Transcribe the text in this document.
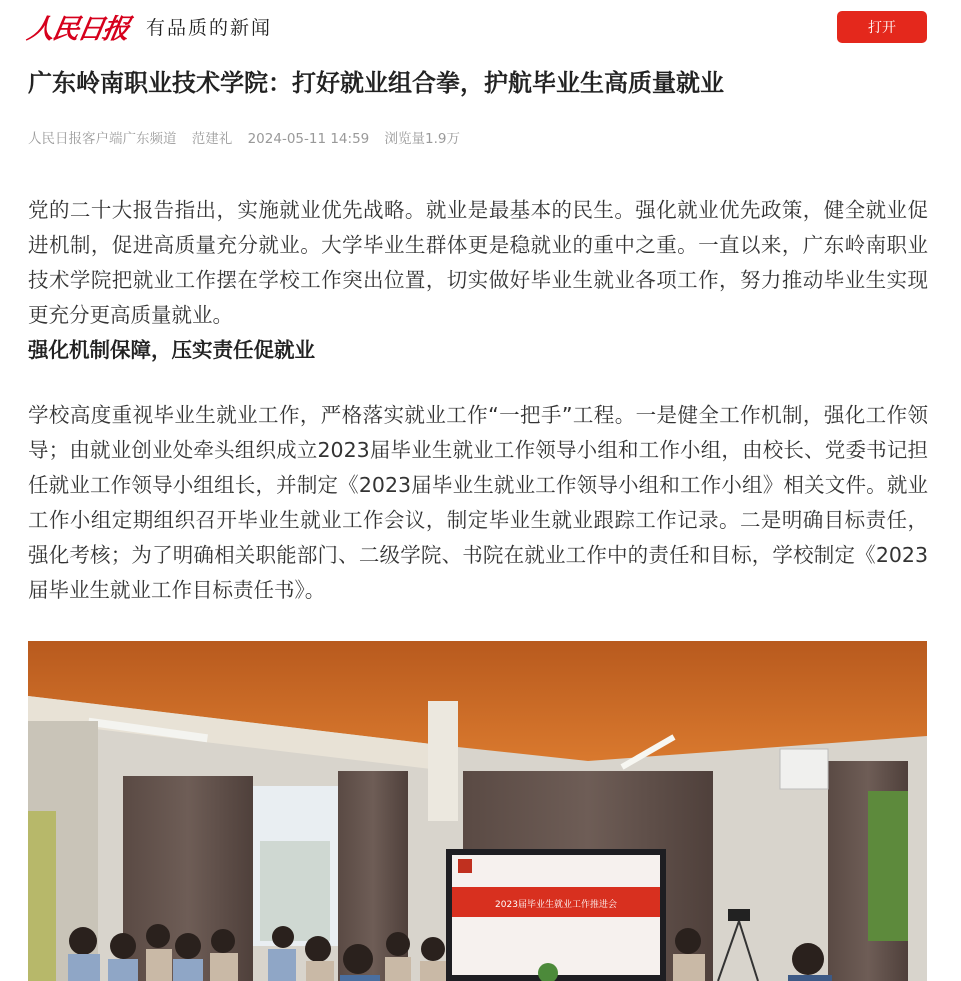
人民日报 有品质的新闻	打开
广东岭南职业技术学院：打好就业组合拳，护航毕业生高质量就业
人民日报客户端广东频道 范建礼 2024-05-11 14:59 浏览量1.9万

党的二十大报告指出，实施就业优先战略。就业是最基本的民生。强化就业优先政策，健全就业促进机制，促进高质量充分就业。大学毕业生群体更是稳就业的重中之重。一直以来，广东岭南职业技术学院把就业工作摆在学校工作突出位置，切实做好毕业生就业各项工作，努力推动毕业生实现更充分更高质量就业。

强化机制保障，压实责任促就业

学校高度重视毕业生就业工作，严格落实就业工作“一把手”工程。一是健全工作机制，强化工作领导；由就业创业处牵头组织成立2023届毕业生就业工作领导小组和工作小组，由校长、党委书记担任就业工作领导小组组长，并制定《2023届毕业生就业工作领导小组和工作小组》相关文件。就业工作小组定期组织召开毕业生就业工作会议，制定毕业生就业跟踪工作记录。二是明确目标责任，强化考核；为了明确相关职能部门、二级学院、书院在就业工作中的责任和目标，学校制定《2023届毕业生就业工作目标责任书》。

2023届毕业生就业工作推进会
